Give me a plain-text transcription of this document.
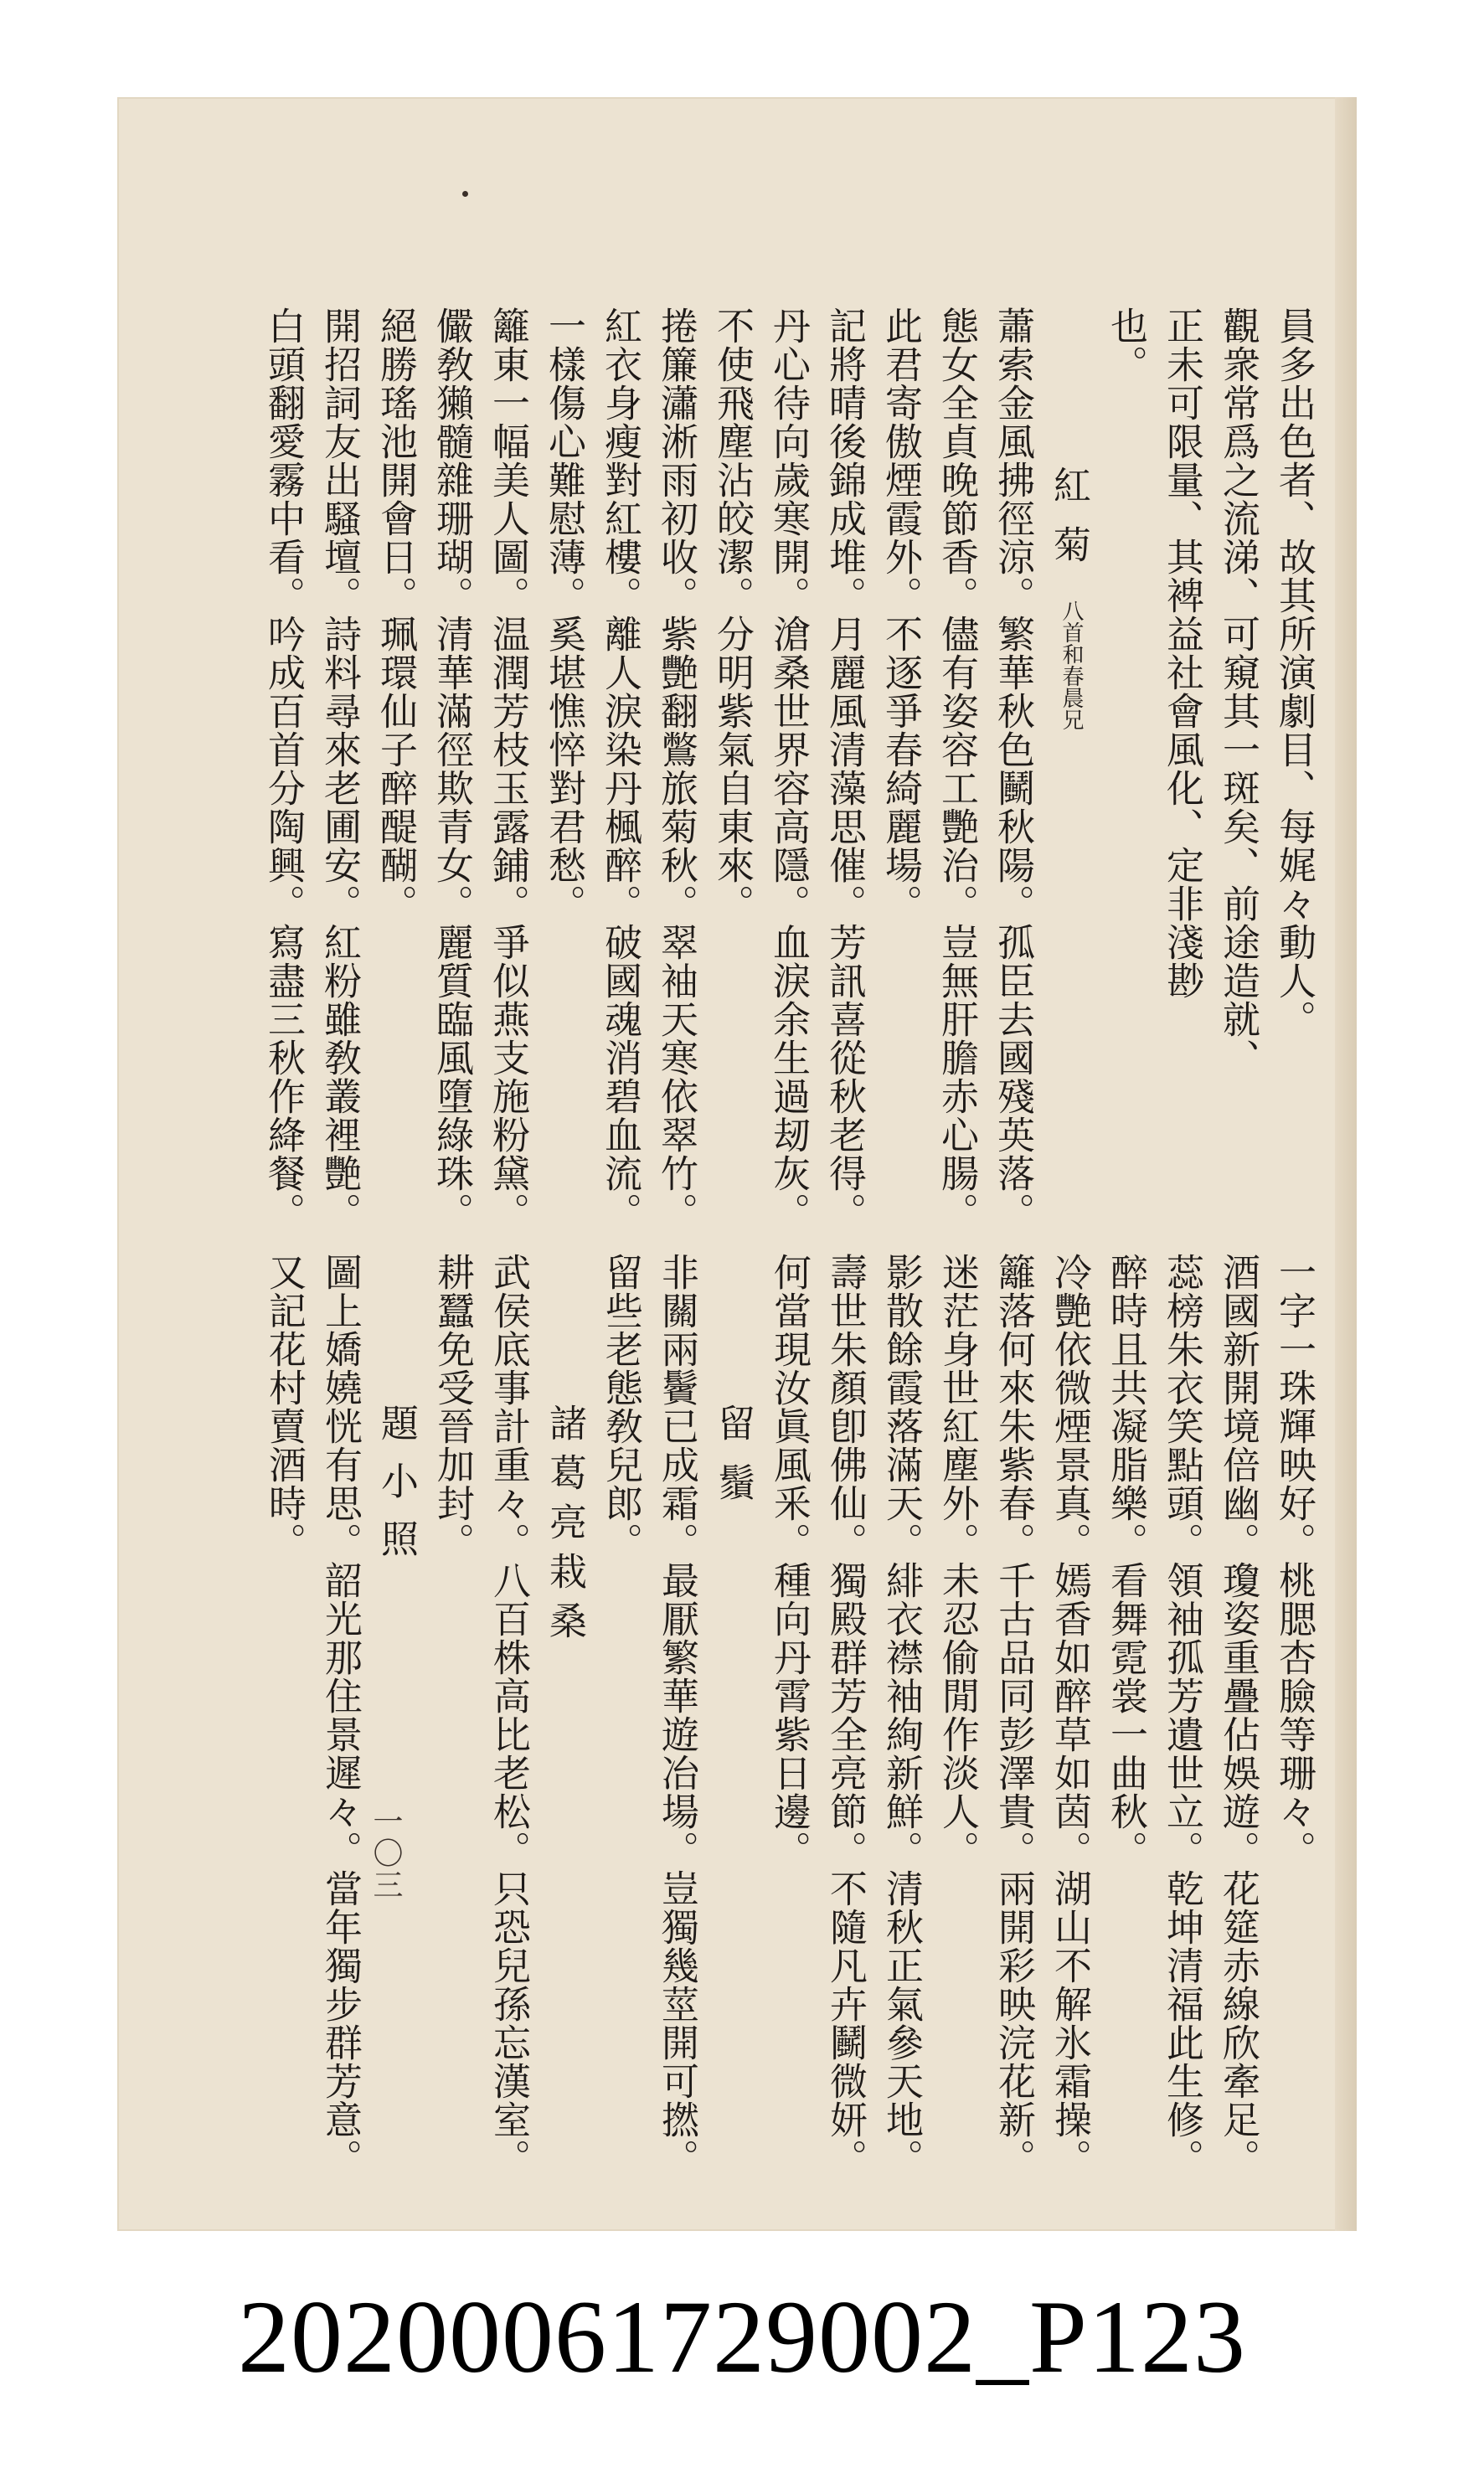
員多出色者、故其所演劇目、每娓々動人。
觀衆常爲之流涕、可窺其一斑矣、前途造就、
正未可限量、其裨益社會風化、定非淺尠
也。
紅菊
八首和春晨兄
蕭索金風拂徑涼。繁華秋色鬭秋陽。孤臣去國殘英落。
態女全貞晚節香。儘有姿容工艷治。豈無肝膽赤心腸。
此君寄傲煙霞外。不逐爭春綺麗場。
記將晴後錦成堆。月麗風清藻思催。芳訊喜從秋老得。
丹心待向歲寒開。滄桑世界容高隱。血淚余生過刼灰。
不使飛塵沾皎潔。分明紫氣自東來。
捲簾瀟淅雨初收。紫艷翻鷩旅菊秋。翠袖天寒依翠竹。
紅衣身瘦對紅樓。離人淚染丹楓醉。破國魂消碧血流。
一樣傷心難慰薄。奚堪憔悴對君愁。
籬東一幅美人圖。温潤芳枝玉露鋪。爭似燕支施粉黛。
儼敎獺髓雜珊瑚。清華滿徑欺青女。麗質臨風墮綠珠。
絕勝瑤池開會日。珮環仙子醉醍醐。
開招詞友出騷壇。詩料尋來老圃安。紅粉雖敎叢裡艷。
白頭翻愛霧中看。吟成百首分陶興。寫盡三秋作絳餐。
一字一珠輝映好。桃腮杏臉等珊々。
酒國新開境倍幽。瓊姿重疊佔娛遊。花筵赤線欣牽足。
蕊榜朱衣笑點頭。領袖孤芳遺世立。乾坤清福此生修。
醉時且共凝脂樂。看舞霓裳一曲秋。
冷艷依微煙景真。嫣香如醉草如茵。湖山不解氷霜操。
籬落何來朱紫春。千古品同彭澤貴。兩開彩映浣花新。
迷茫身世紅塵外。未忍偷閒作淡人。
影散餘霞落滿天。緋衣襟袖絢新鮮。清秋正氣參天地。
壽世朱顏卽佛仙。獨殿群芳全亮節。不隨凡卉鬭微妍。
何當現汝眞風釆。種向丹霄紫日邊。
留鬚
非關兩鬢已成霜。最厭繁華遊冶場。豈獨幾莖開可撚。
留些老態敎兒郎。
諸葛亮栽桑
武侯底事計重々。八百株高比老松。只恐兒孫忘漢室。
耕蠶免受晉加封。
題小照
圖上嬌嬈恍有思。韶光那住景遲々。當年獨步群芳意。
又記花村賣酒時。
一〇三
20200061729002_P123
